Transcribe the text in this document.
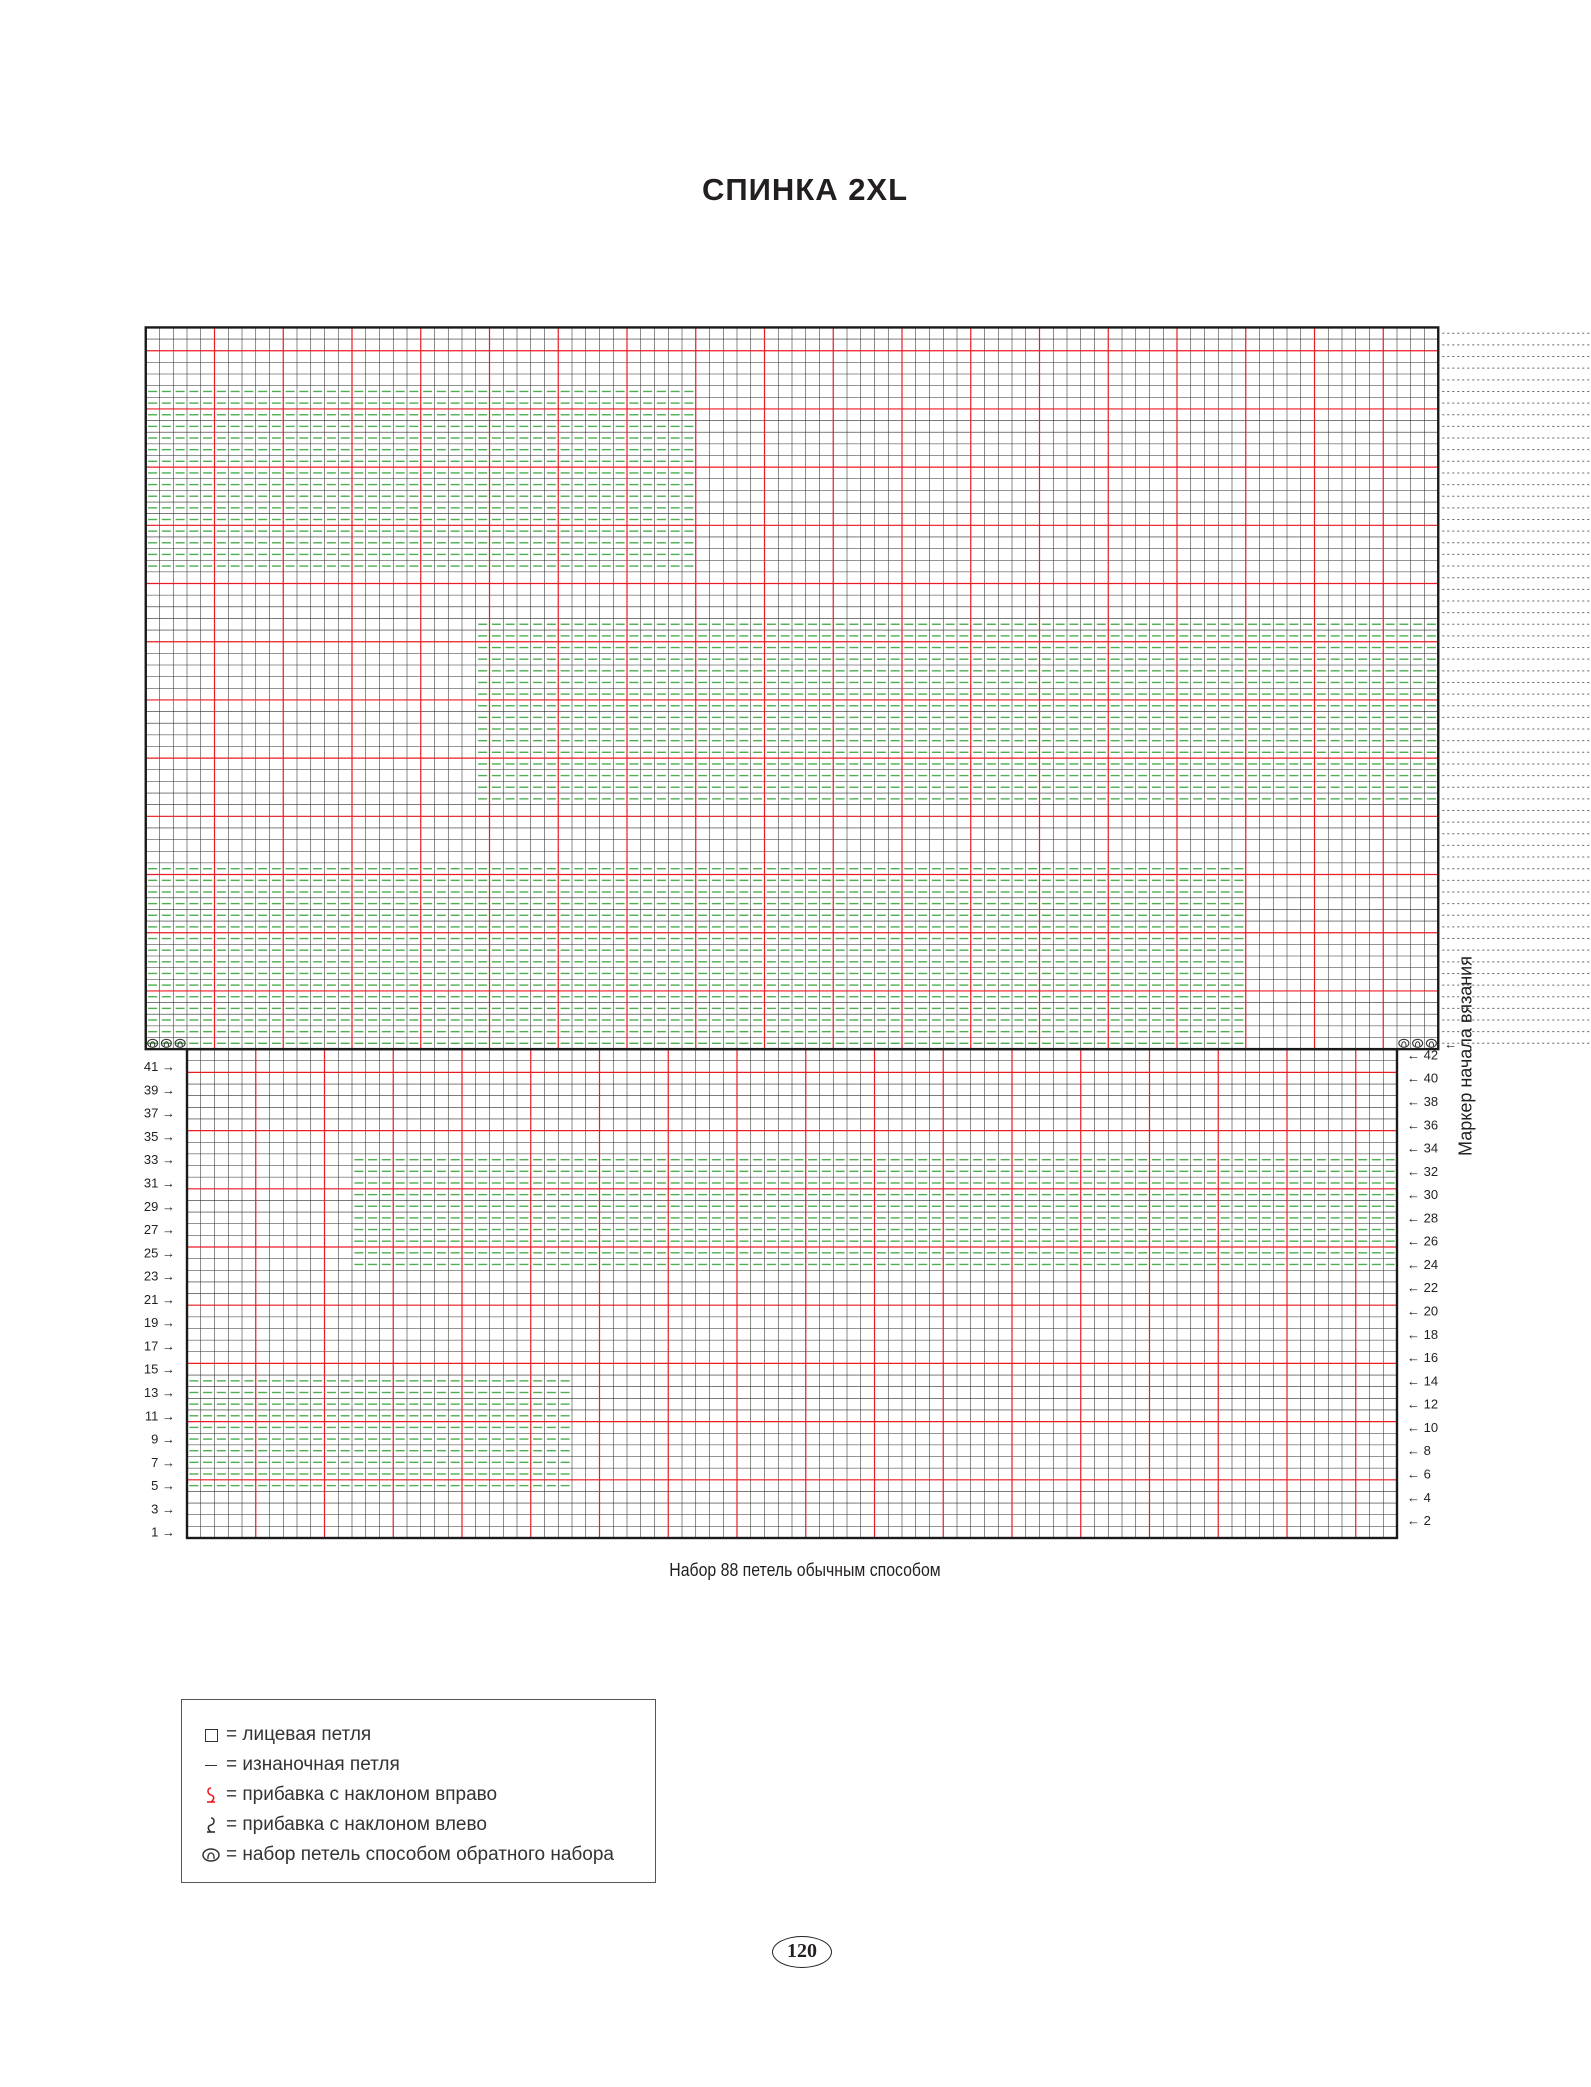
СПИНКА 2XL
41 →
39 →
37 →
35 →
33 →
31 →
29 →
27 →
25 →
23 →
21 →
19 →
17 →
15 →
13 →
11 →
9 →
7 →
5 →
3 →
1 →
← 42
← 40
← 38
← 36
← 34
← 32
← 30
← 28
← 26
← 24
← 22
← 20
← 18
← 16
← 14
← 12
← 10
← 8
← 6
← 4
← 2
←
Маркер начала вязания
Набор 88 петель обычным способом
= лицевая петля
= изнаночная петля
= прибавка с наклоном вправо
= прибавка с наклоном влево
= набор петель способом обратного набора
120
